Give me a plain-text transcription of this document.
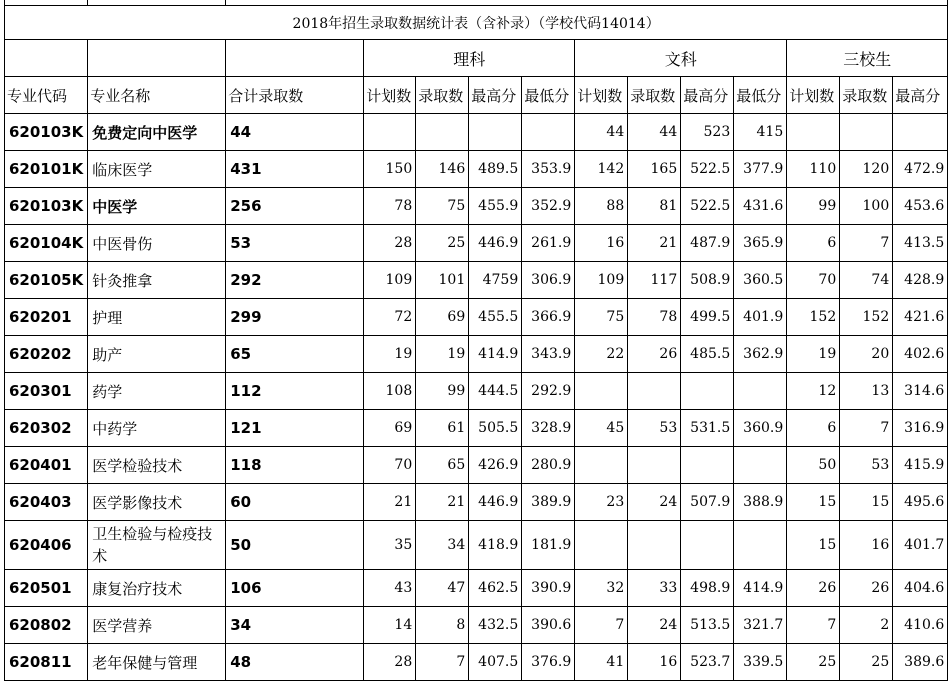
2018年招生录取数据统计表（含补录）（学校代码14014）													
			理科				文科				三校生		
专业代码	专业名称	合计录取数	计划数	录取数	最高分	最低分	计划数	录取数	最高分	最低分	计划数	录取数	最高分
620103K	免费定向中医学	44					44	44	523	415			
620101K	临床医学	431	150	146	489.5	353.9	142	165	522.5	377.9	110	120	472.9
620103K	中医学	256	78	75	455.9	352.9	88	81	522.5	431.6	99	100	453.6
620104K	中医骨伤	53	28	25	446.9	261.9	16	21	487.9	365.9	6	7	413.5
620105K	针灸推拿	292	109	101	4759	306.9	109	117	508.9	360.5	70	74	428.9
620201	护理	299	72	69	455.5	366.9	75	78	499.5	401.9	152	152	421.6
620202	助产	65	19	19	414.9	343.9	22	26	485.5	362.9	19	20	402.6
620301	药学	112	108	99	444.5	292.9					12	13	314.6
620302	中药学	121	69	61	505.5	328.9	45	53	531.5	360.9	6	7	316.9
620401	医学检验技术	118	70	65	426.9	280.9					50	53	415.9
620403	医学影像技术	60	21	21	446.9	389.9	23	24	507.9	388.9	15	15	495.6
620406	卫生检验与检疫技术	50	35	34	418.9	181.9					15	16	401.7
620501	康复治疗技术	106	43	47	462.5	390.9	32	33	498.9	414.9	26	26	404.6
620802	医学营养	34	14	8	432.5	390.6	7	24	513.5	321.7	7	2	410.6
620811	老年保健与管理	48	28	7	407.5	376.9	41	16	523.7	339.5	25	25	389.6
